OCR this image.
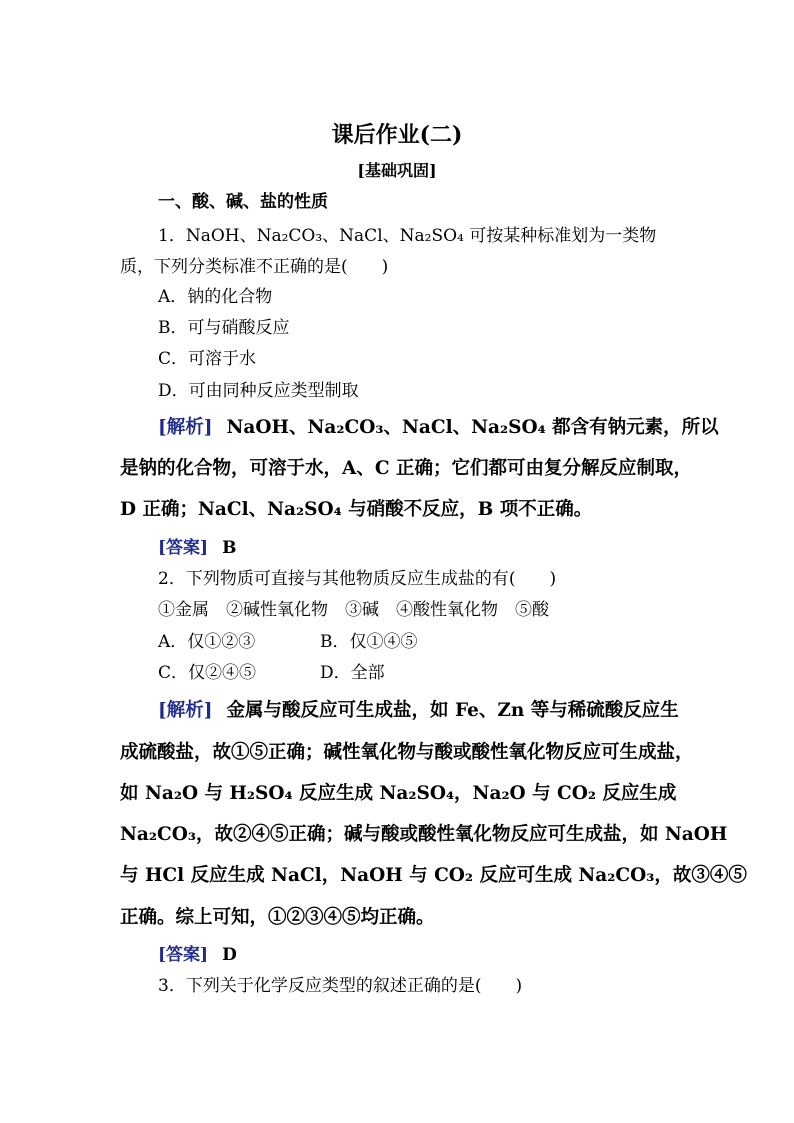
课后作业(二)
[基础巩固]
一、酸、碱、盐的性质
1．NaOH、Na₂CO₃、NaCl、Na₂SO₄ 可按某种标准划为一类物
质，下列分类标准不正确的是(　　)
A．钠的化合物
B．可与硝酸反应
C．可溶于水
D．可由同种反应类型制取
[解析] NaOH、Na₂CO₃、NaCl、Na₂SO₄ 都含有钠元素，所以
是钠的化合物，可溶于水，A、C 正确；它们都可由复分解反应制取，
D 正确；NaCl、Na₂SO₄ 与硝酸不反应，B 项不正确。
[答案] B
2．下列物质可直接与其他物质反应生成盐的有(　　)
①金属　②碱性氧化物　③碱　④酸性氧化物　⑤酸
A．仅①②③	B．仅①④⑤
C．仅②④⑤	D．全部
[解析] 金属与酸反应可生成盐，如 Fe、Zn 等与稀硫酸反应生
成硫酸盐，故①⑤正确；碱性氧化物与酸或酸性氧化物反应可生成盐，
如 Na₂O 与 H₂SO₄ 反应生成 Na₂SO₄，Na₂O 与 CO₂ 反应生成
Na₂CO₃，故②④⑤正确；碱与酸或酸性氧化物反应可生成盐，如 NaOH
与 HCl 反应生成 NaCl，NaOH 与 CO₂ 反应可生成 Na₂CO₃，故③④⑤
正确。综上可知，①②③④⑤均正确。
[答案] D
3．下列关于化学反应类型的叙述正确的是(　　)
